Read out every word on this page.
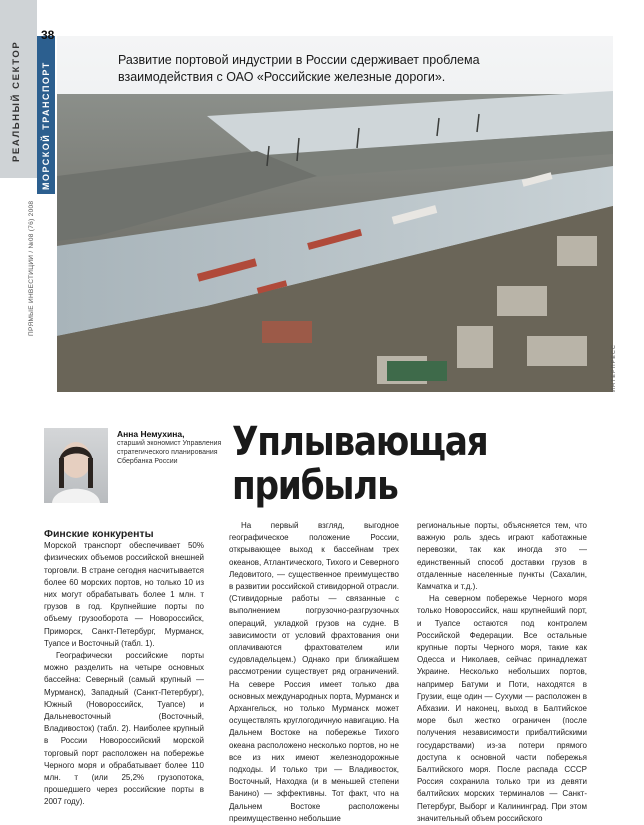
38
РЕАЛЬНЫЙ СЕКТОР МОРСКОЙ ТРАНСПОРТ
ПРЯМЫЕ ИНВЕСТИЦИИ / №08 (76) 2008
Развитие портовой индустрии в России сдерживает проблема взаимодействия с ОАО «Российские железные дороги».
ИНТЕРПРЕСС
Анна Немухина,
старший экономист Управления стратегического планирования Сбербанка России	Уплывающая
прибыль

Финские конкуренты

Морской транспорт обеспечивает 50% физических объемов российской внешней торговли. В стране сегодня насчитывается более 60 морских портов, но только 10 из них могут обрабатывать более 1 млн. т грузов в год. Крупнейшие порты по объему грузооборота — Новороссийск, Приморск, Санкт-Петербург, Мурманск, Туапсе и Восточный (табл. 1).

Географически российские порты можно разделить на четыре основных бассейна: Северный (самый крупный — Мурманск), Западный (Санкт-Петербург), Южный (Новороссийск, Туапсе) и Дальневосточный (Восточный, Владивосток) (табл. 2). Наиболее крупный в России Новороссийский морской торговый порт расположен на побережье Черного моря и обрабатывает более 110 млн. т (или 25,2% грузопотока, прошедшего через российские порты в 2007 году).

На первый взгляд, выгодное географическое положение России, открывающее выход к бассейнам трех океанов, Атлантического, Тихого и Северного Ледовитого, — существенное преимущество в развитии российской стивидорной отрасли. (Стивидорные работы — связанные с выполнением погрузочно-разгрузочных операций, укладкой грузов на судне. В зависимости от условий фрахтования они оплачиваются фрахтователем или судовладельцем.) Однако при ближайшем рассмотрении существует ряд ограничений. На севере Россия имеет только два основных международных порта, Мурманск и Архангельск, но только Мурманск может осуществлять круглогодичную навигацию. На Дальнем Востоке на побережье Тихого океана расположено несколько портов, но не все из них имеют железнодорожные подходы. И только три — Владивосток, Восточный, Находка (и в меньшей степени Ванино) — эффективны. Тот факт, что на Дальнем Востоке расположены преимущественно небольшие

региональные порты, объясняется тем, что важную роль здесь играют каботажные перевозки, так как иногда это — единственный способ доставки грузов в отдаленные населенные пункты (Сахалин, Камчатка и т.д.).

На северном побережье Черного моря только Новороссийск, наш крупнейший порт, и Туапсе остаются под контролем Российской Федерации. Все остальные крупные порты Черного моря, такие как Одесса и Николаев, сейчас принадлежат Украине. Несколько небольших портов, например Батуми и Поти, находятся в Грузии, еще один — Сухуми — расположен в Абхазии. И наконец, выход в Балтийское море был жестко ограничен (после получения независимости прибалтийскими государствами) из-за потери прямого доступа к основной части побережья Балтийского моря. После распада СССР Россия сохранила только три из девяти балтийских морских терминалов — Санкт-Петербург, Выборг и Калининград. При этом значительный объем российского
